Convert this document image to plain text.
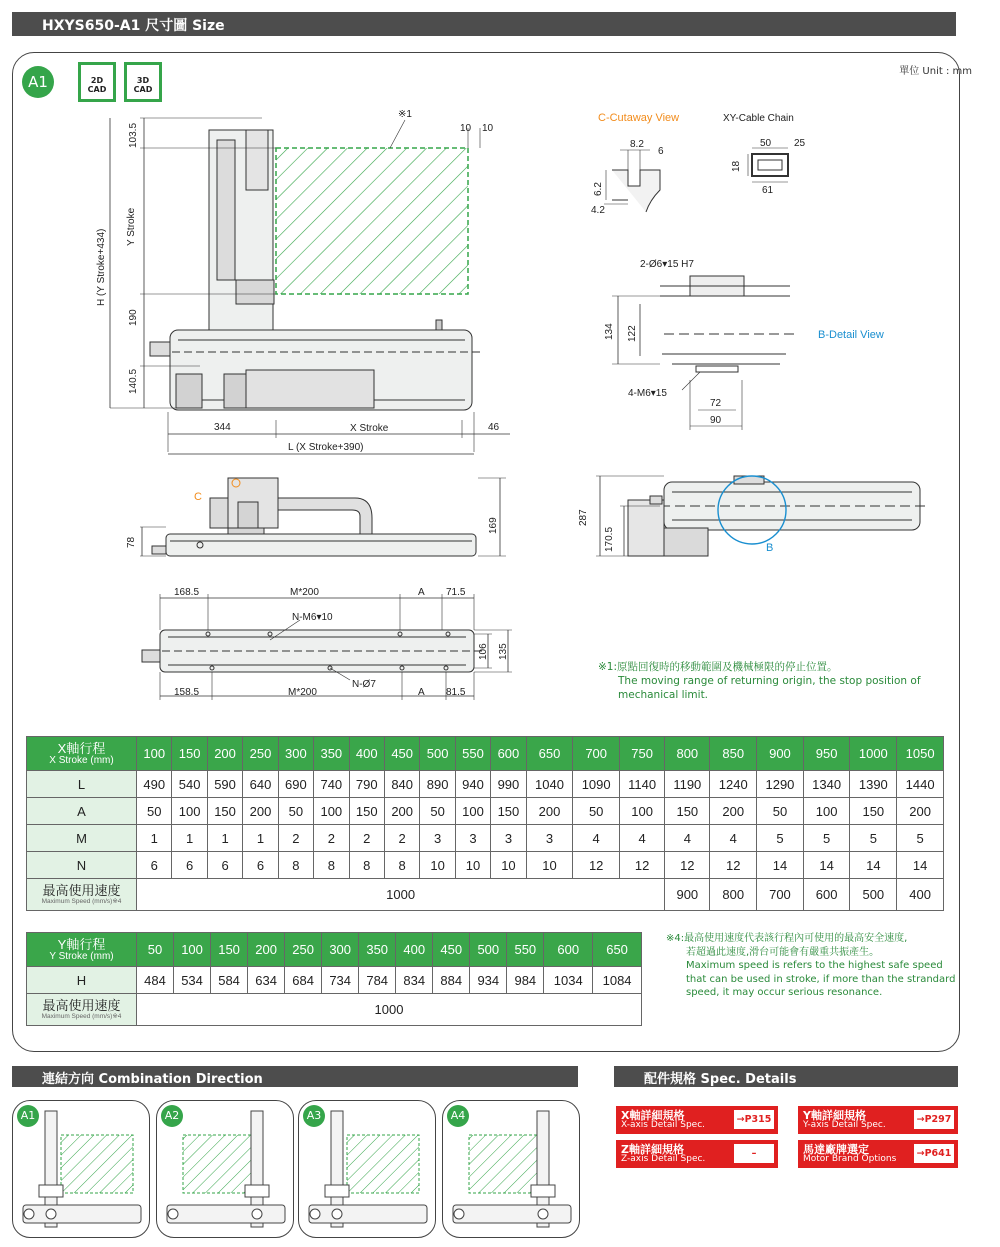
HXYS650-A1 尺寸圖 Size
單位 Unit : mm
A1	2D
CAD
3D
CAD
※1
10 10
103.5
Y Stroke
H (Y Stroke+434)
190
140.5
344	X Stroke	46
L (X Stroke+390)
C
78
169
168.5	M*200	A 71.5
N-M6▾10
N-Ø7
158.5	M*200	A 81.5
106 135
C-Cutaway View
8.2
6
6.2
4.2
XY-Cable Chain
50 25
18
61
2-Ø6▾15 H7
134 122	B-Detail View
4-M6▾15
72
90
287
170.5	B
※1:原點回復時的移動範圍及機械極限的停止位置。
The moving range of returning origin, the stop position of mechanical limit.
X軸行程
X Stroke (mm)	100	150	200	250	300	350	400	450	500	550	600	650	700	750	800	850	900	950	1000	1050
L	490	540	590	640	690	740	790	840	890	940	990	1040	1090	1140	1190	1240	1290	1340	1390	1440
A	50	100	150	200	50	100	150	200	50	100	150	200	50	100	150	200	50	100	150	200
M	1	1	1	1	2	2	2	2	3	3	3	3	4	4	4	4	5	5	5	5
N	6	6	6	6	8	8	8	8	10	10	10	10	12	12	12	12	14	14	14	14

最高使用速度
Maximum Speed (mm/s)※4	1000														900	800	700	600	500	400
Y軸行程
Y Stroke (mm)	50	100	150	200	250	300	350	400	450	500	550	600	650
H	484	534	584	634	684	734	784	834	884	934	984	1034	1084

最高使用速度
Maximum Speed (mm/s)※4	1000												
※4:最高使用速度代表該行程內可使用的最高安全速度,
若超過此速度,滑台可能會有嚴重共振產生。
Maximum speed is refers to the highest safe speed that can be used in stroke, if more than the strandard speed, it may occur serious resonance.
連結方向 Combination Direction
A1	A2	A3	A4
配件規格 Spec. Details
X軸詳細規格
X-axis Detail Spec.	→P315	Y軸詳細規格
Y-axis Detail Spec.	→P297
Z軸詳細規格
Z-axis Detail Spec.	–	馬達廠牌選定
Motor Brand Options →P641
